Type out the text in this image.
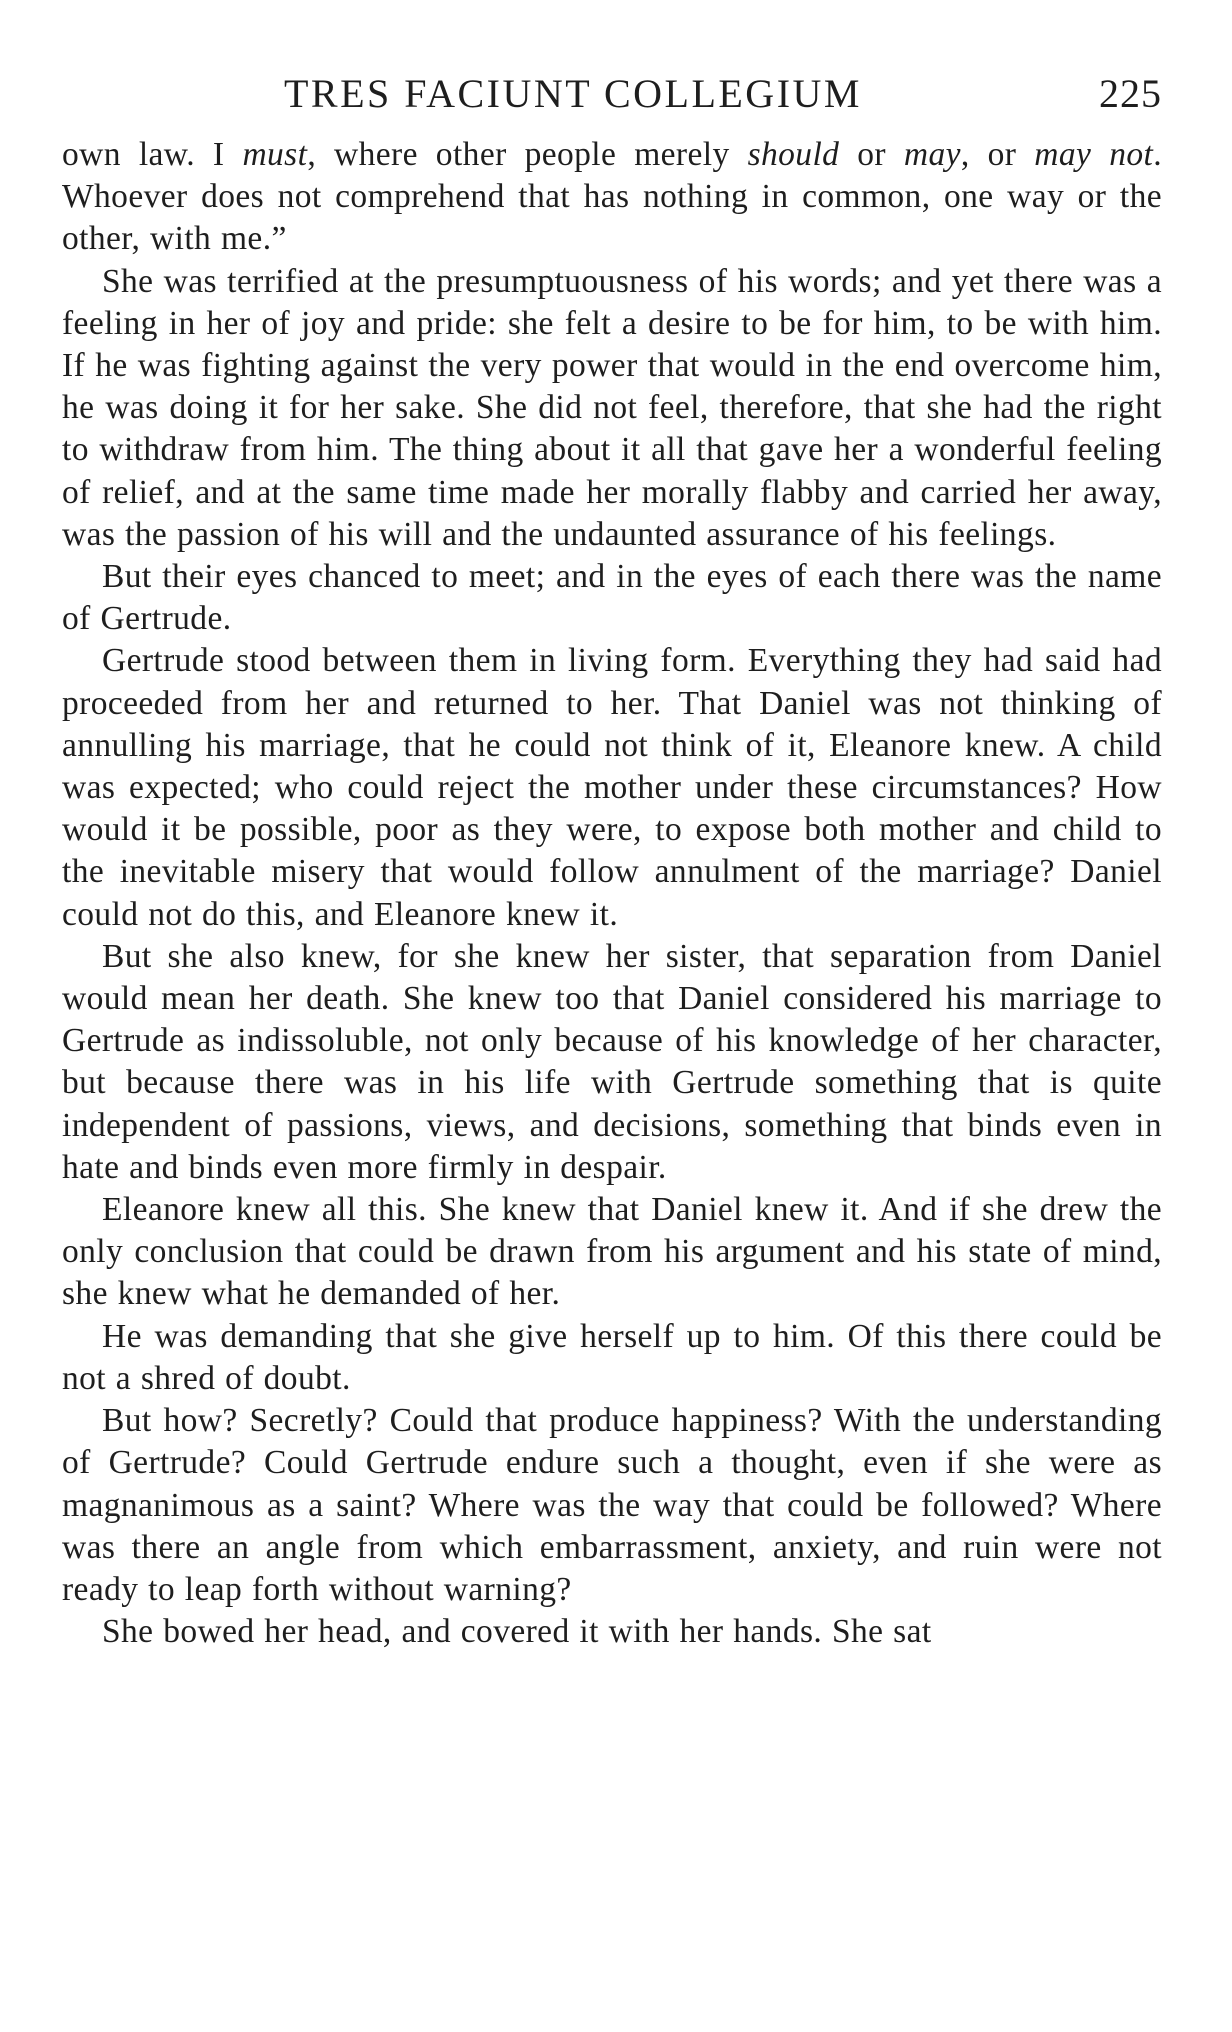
TRES FACIUNT COLLEGIUM	225

own law. I must, where other people merely should or may, or may not. Whoever does not comprehend that has nothing in common, one way or the other, with me.”

She was terrified at the presumptuousness of his words; and yet there was a feeling in her of joy and pride: she felt a desire to be for him, to be with him. If he was fighting against the very power that would in the end overcome him, he was doing it for her sake. She did not feel, therefore, that she had the right to withdraw from him. The thing about it all that gave her a wonderful feeling of relief, and at the same time made her morally flabby and carried her away, was the passion of his will and the undaunted assurance of his feelings.

But their eyes chanced to meet; and in the eyes of each there was the name of Gertrude.

Gertrude stood between them in living form. Everything they had said had proceeded from her and returned to her. That Daniel was not thinking of annulling his marriage, that he could not think of it, Eleanore knew. A child was expected; who could reject the mother under these circumstances? How would it be possible, poor as they were, to expose both mother and child to the inevitable misery that would follow annulment of the marriage? Daniel could not do this, and Eleanore knew it.

But she also knew, for she knew her sister, that separation from Daniel would mean her death. She knew too that Daniel considered his marriage to Gertrude as indissoluble, not only because of his knowledge of her character, but because there was in his life with Gertrude something that is quite independent of passions, views, and decisions, something that binds even in hate and binds even more firmly in despair.

Eleanore knew all this. She knew that Daniel knew it. And if she drew the only conclusion that could be drawn from his argument and his state of mind, she knew what he demanded of her.

He was demanding that she give herself up to him. Of this there could be not a shred of doubt.

But how? Secretly? Could that produce happiness? With the understanding of Gertrude? Could Gertrude endure such a thought, even if she were as magnanimous as a saint? Where was the way that could be followed? Where was there an angle from which embarrassment, anxiety, and ruin were not ready to leap forth without warning?

She bowed her head, and covered it with her hands. She sat
